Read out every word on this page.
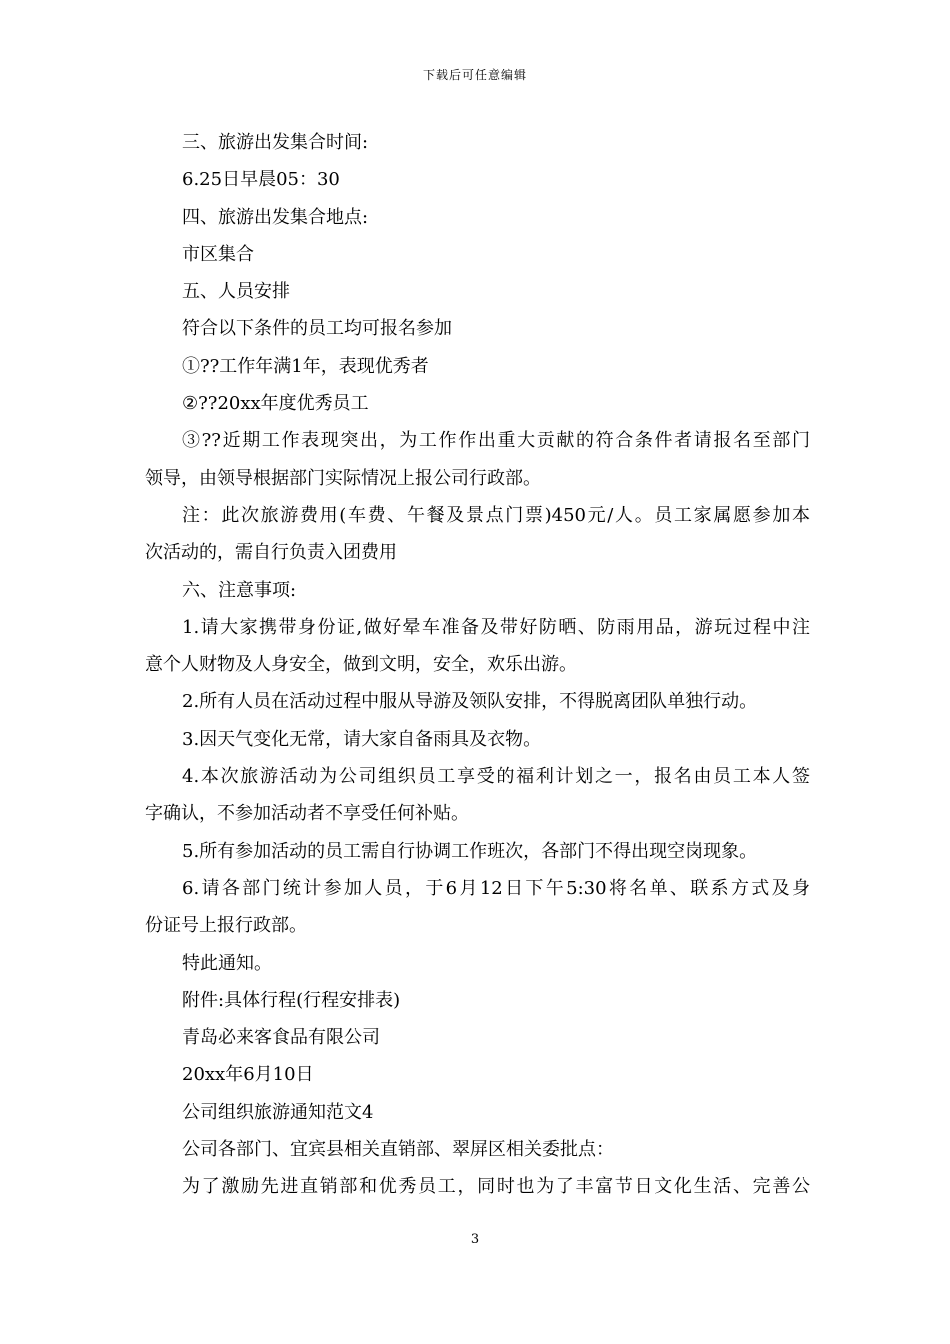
下载后可任意编辑
三、旅游出发集合时间:
6.25日早晨05：30
四、旅游出发集合地点:
市区集合
五、人员安排
符合以下条件的员工均可报名参加
①??工作年满1年，表现优秀者
②??20xx年度优秀员工
③??近期工作表现突出，为工作作出重大贡献的符合条件者请报名至部门
领导，由领导根据部门实际情况上报公司行政部。
注：此次旅游费用(车费、午餐及景点门票)450元/人。员工家属愿参加本
次活动的，需自行负责入团费用
六、注意事项:
1.请大家携带身份证,做好晕车准备及带好防晒、防雨用品，游玩过程中注
意个人财物及人身安全，做到文明，安全，欢乐出游。
2.所有人员在活动过程中服从导游及领队安排，不得脱离团队单独行动。
3.因天气变化无常，请大家自备雨具及衣物。
4.本次旅游活动为公司组织员工享受的福利计划之一，报名由员工本人签
字确认，不参加活动者不享受任何补贴。
5.所有参加活动的员工需自行协调工作班次，各部门不得出现空岗现象。
6.请各部门统计参加人员，于6月12日下午5:30将名单、联系方式及身
份证号上报行政部。
特此通知。
附件:具体行程(行程安排表)
青岛必来客食品有限公司
20xx年6月10日
公司组织旅游通知范文4
公司各部门、宜宾县相关直销部、翠屏区相关委批点：
为了激励先进直销部和优秀员工，同时也为了丰富节日文化生活、完善公
3
